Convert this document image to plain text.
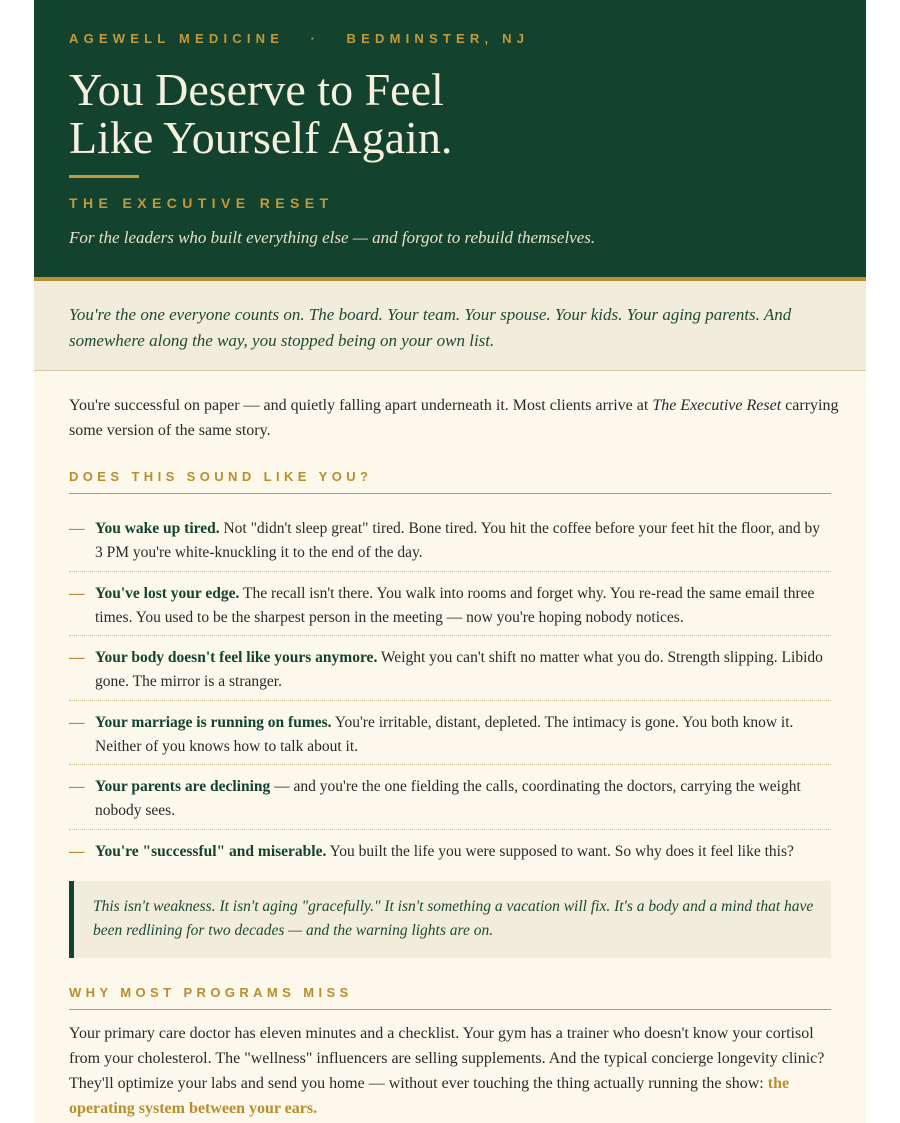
AGEWELL MEDICINE   ·   BEDMINSTER, NJ
You Deserve to Feel
Like Yourself Again.
THE EXECUTIVE RESET
For the leaders who built everything else — and forgot to rebuild themselves.

You're the one everyone counts on. The board. Your team. Your spouse. Your kids. Your aging parents. And somewhere along the way, you stopped being on your own list.

You're successful on paper — and quietly falling apart underneath it. Most clients arrive at The Executive Reset carrying some version of the same story.

DOES THIS SOUND LIKE YOU?
— You wake up tired. Not "didn't sleep great" tired. Bone tired. You hit the coffee before your feet hit the floor, and by 3 PM you're white-knuckling it to the end of the day.
— You've lost your edge. The recall isn't there. You walk into rooms and forget why. You re-read the same email three times. You used to be the sharpest person in the meeting — now you're hoping nobody notices.
— Your body doesn't feel like yours anymore. Weight you can't shift no matter what you do. Strength slipping. Libido gone. The mirror is a stranger.
— Your marriage is running on fumes. You're irritable, distant, depleted. The intimacy is gone. You both know it. Neither of you knows how to talk about it.
— Your parents are declining — and you're the one fielding the calls, coordinating the doctors, carrying the weight nobody sees.
— You're "successful" and miserable. You built the life you were supposed to want. So why does it feel like this?

This isn't weakness. It isn't aging "gracefully." It isn't something a vacation will fix. It's a body and a mind that have been redlining for two decades — and the warning lights are on.

WHY MOST PROGRAMS MISS

Your primary care doctor has eleven minutes and a checklist. Your gym has a trainer who doesn't know your cortisol from your cholesterol. The "wellness" influencers are selling supplements. And the typical concierge longevity clinic? They'll optimize your labs and send you home — without ever touching the thing actually running the show: the operating system between your ears.
